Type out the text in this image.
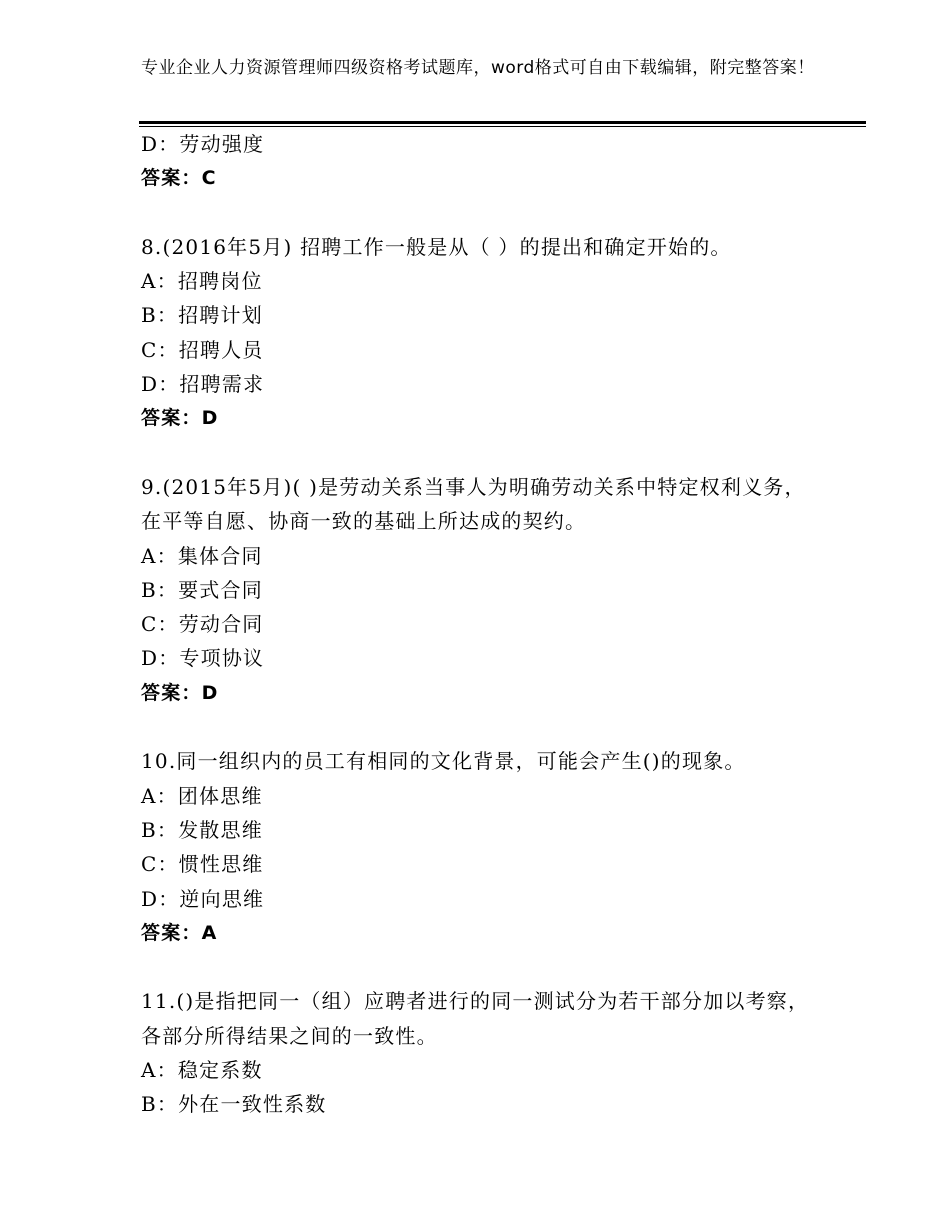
专业企业人力资源管理师四级资格考试题库，word格式可自由下载编辑，附完整答案！
D：劳动强度
答案：C
8.(2016年5月) 招聘工作一般是从（ ）的提出和确定开始的。
A：招聘岗位
B：招聘计划
C：招聘人员
D：招聘需求
答案：D
9.(2015年5月)( )是劳动关系当事人为明确劳动关系中特定权利义务，在平等自愿、协商一致的基础上所达成的契约。
A：集体合同
B：要式合同
C：劳动合同
D：专项协议
答案：D
10.同一组织内的员工有相同的文化背景，可能会产生()的现象。
A：团体思维
B：发散思维
C：惯性思维
D：逆向思维
答案：A
11.()是指把同一（组）应聘者进行的同一测试分为若干部分加以考察，各部分所得结果之间的一致性。
A：稳定系数
B：外在一致性系数
